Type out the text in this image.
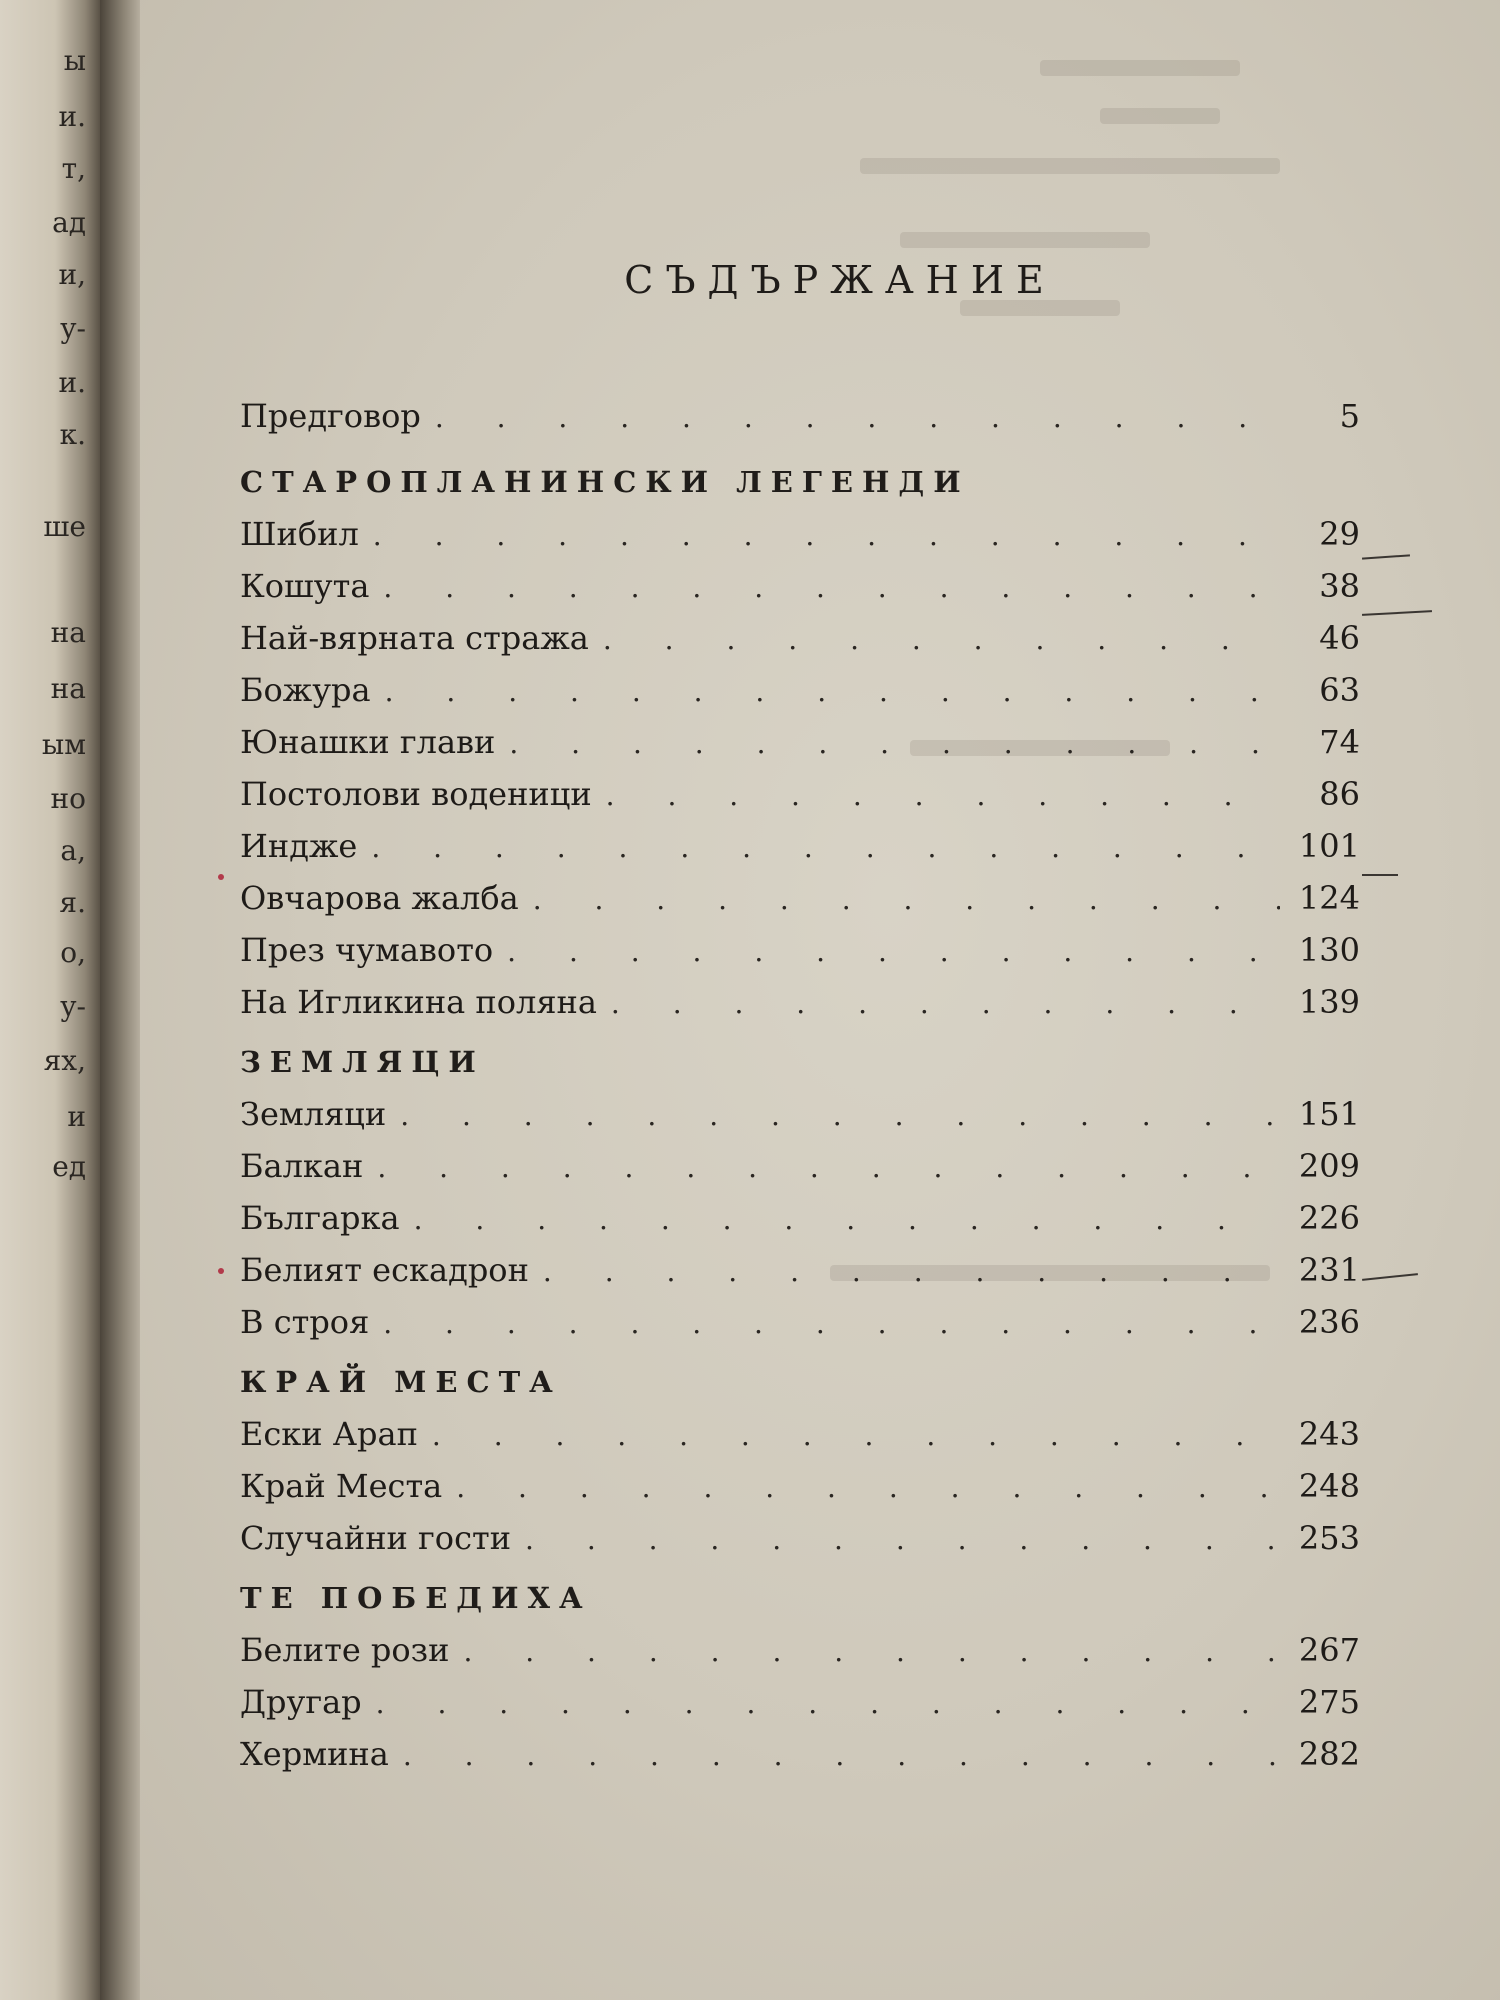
ы
и.
т,
ад
и,
у-
и.
к.
ше
на
на
ым
но
а,
я.
о,
у-
ях,
и
ед
СЪДЪРЖАНИЕ
Предговор . . .	5
СТАРОПЛАНИНСКИ ЛЕГЕНДИ
Шибил . . .	29
Кошута . . .	38
Най-вярната стража . . .	46
Божура . . .	63
Юнашки глави . . .	74
Постолови воденици . . .	86
Индже . . .	101
Овчарова жалба . . .	124
През чумавото . . .	130
На Игликина поляна . . .	139
ЗЕМЛЯЦИ
Земляци . . .	151
Балкан . . .	209
Българка . . .	226
Белият ескадрон . . .	231
В строя . . .	236
КРАЙ МЕСТА
Ески Арап . . .	243
Край Места . . .	248
Случайни гости . . .	253
ТЕ ПОБЕДИХА
Белите рози . . .	267
Другар . . .	275
Хермина . . .	282
